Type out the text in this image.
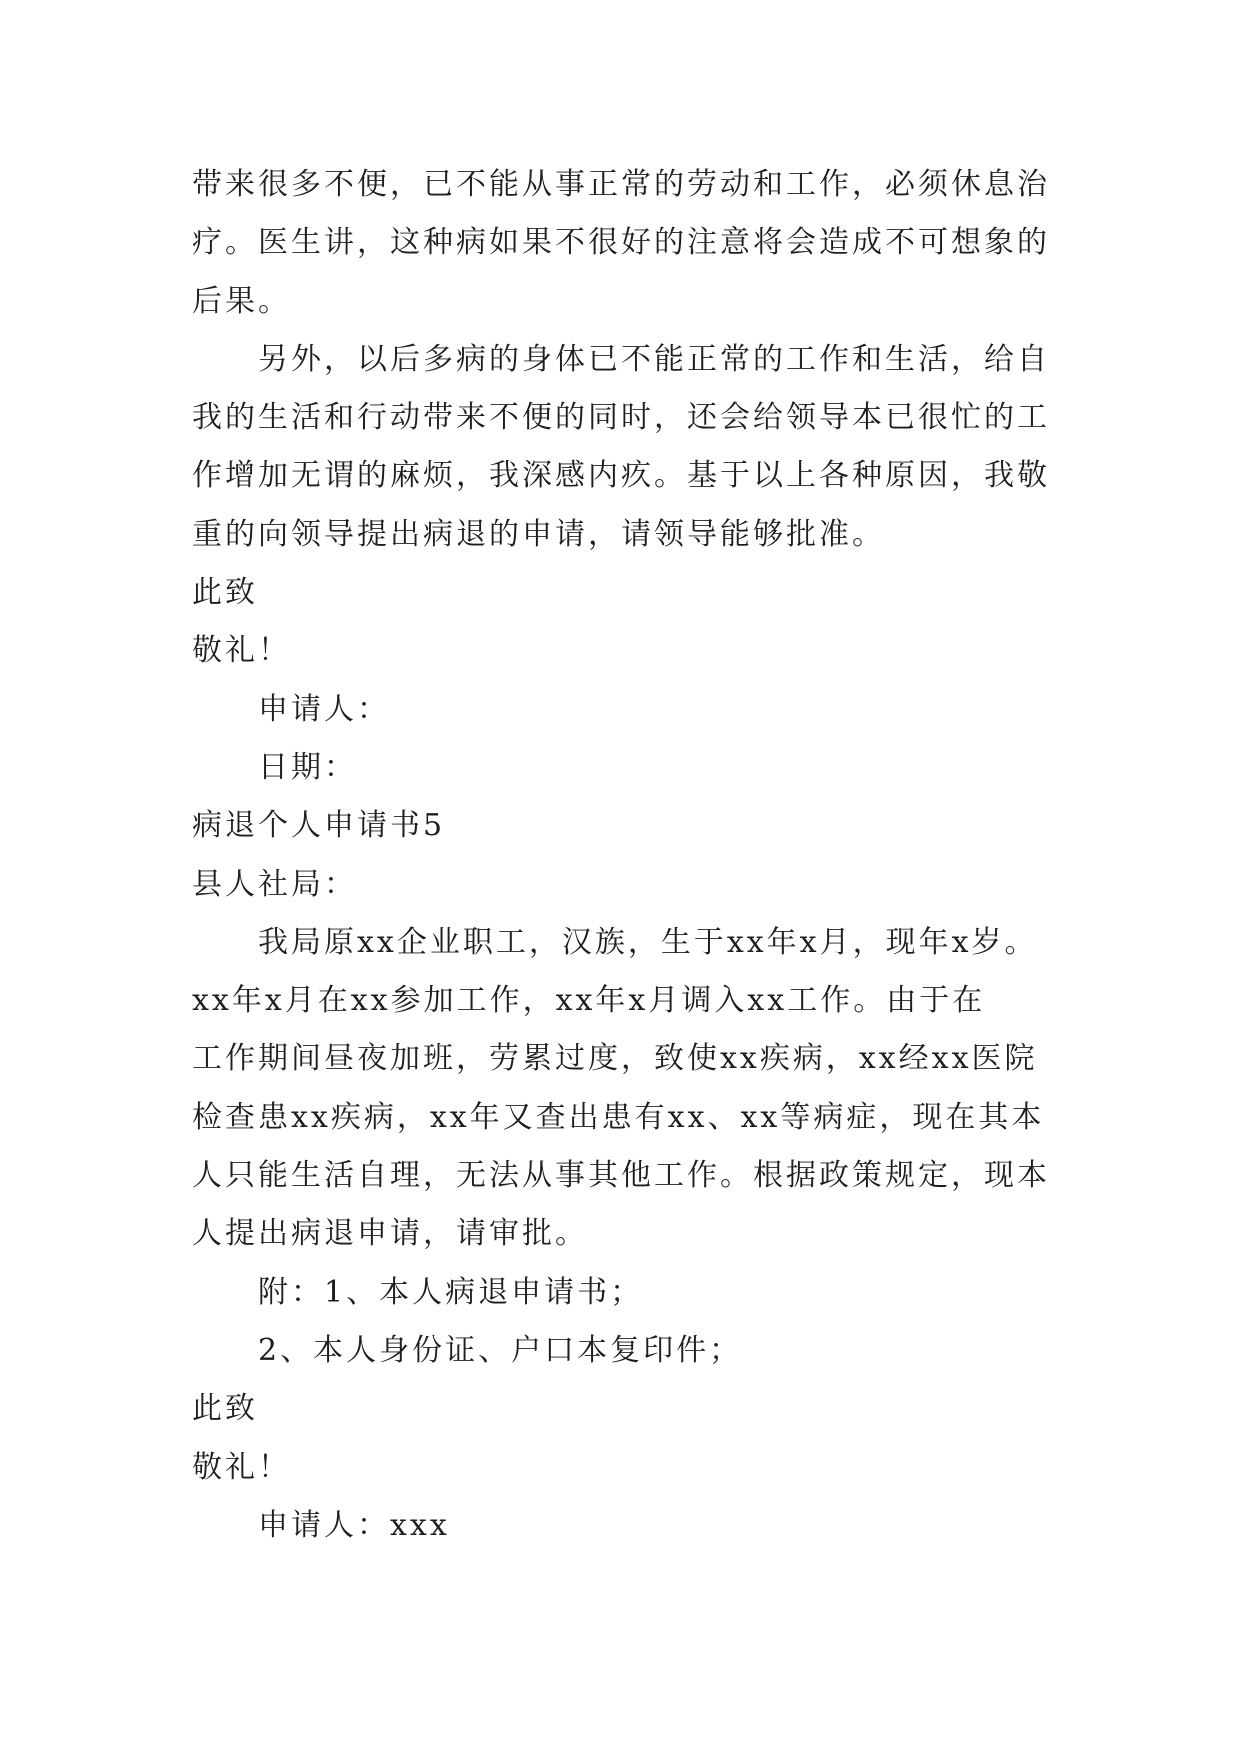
带来很多不便，已不能从事正常的劳动和工作，必须休息治
疗。医生讲，这种病如果不很好的注意将会造成不可想象的
后果。
另外，以后多病的身体已不能正常的工作和生活，给自
我的生活和行动带来不便的同时，还会给领导本已很忙的工
作增加无谓的麻烦，我深感内疚。基于以上各种原因，我敬
重的向领导提出病退的申请，请领导能够批准。
此致
敬礼！
申请人：
日期：
病退个人申请书5
县人社局：
我局原xx企业职工，汉族，生于xx年x月，现年x岁。
xx年x月在xx参加工作，xx年x月调入xx工作。由于在
工作期间昼夜加班，劳累过度，致使xx疾病，xx经xx医院
检查患xx疾病，xx年又查出患有xx、xx等病症，现在其本
人只能生活自理，无法从事其他工作。根据政策规定，现本
人提出病退申请，请审批。
附：1、本人病退申请书；
2、本人身份证、户口本复印件；
此致
敬礼！
申请人：xxx
